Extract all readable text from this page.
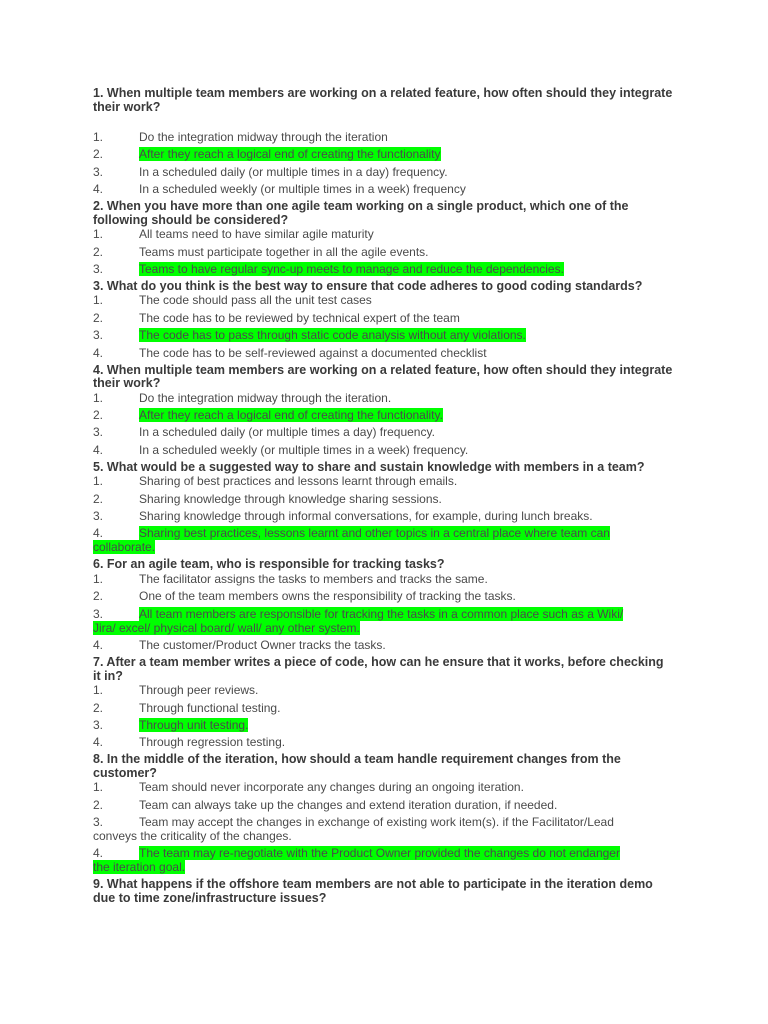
1. When multiple team members are working on a related feature, how often should they integrate their work?

1.	Do the integration midway through the iteration
2.	After they reach a logical end of creating the functionality
3.	In a scheduled daily (or multiple times in a day) frequency.
4.	In a scheduled weekly (or multiple times in a week) frequency

2. When you have more than one agile team working on a single product, which one of the following should be considered?

1.	All teams need to have similar agile maturity
2.	Teams must participate together in all the agile events.
3.	Teams to have regular sync-up meets to manage and reduce the dependencies.

3. What do you think is the best way to ensure that code adheres to good coding standards?

1.	The code should pass all the unit test cases
2.	The code has to be reviewed by technical expert of the team
3.	The code has to pass through static code analysis without any violations.
4.	The code has to be self-reviewed against a documented checklist

4. When multiple team members are working on a related feature, how often should they integrate their work?

1.	Do the integration midway through the iteration.
2.	After they reach a logical end of creating the functionality.
3.	In a scheduled daily (or multiple times a day) frequency.
4.	In a scheduled weekly (or multiple times in a week) frequency.

5. What would be a suggested way to share and sustain knowledge with members in a team?

1.	Sharing of best practices and lessons learnt through emails.
2.	Sharing knowledge through knowledge sharing sessions.
3.	Sharing knowledge through informal conversations, for example, during lunch breaks.
4.	Sharing best practices, lessons learnt and other topics in a central place where team can
collaborate.

6. For an agile team, who is responsible for tracking tasks?

1.	The facilitator assigns the tasks to members and tracks the same.
2.	One of the team members owns the responsibility of tracking the tasks.
3.	All team members are responsible for tracking the tasks in a common place such as a Wiki/
Jira/ excel/ physical board/ wall/ any other system.
4.	The customer/Product Owner tracks the tasks.

7. After a team member writes a piece of code, how can he ensure that it works, before checking it in?

1.	Through peer reviews.
2.	Through functional testing.
3.	Through unit testing.
4.	Through regression testing.

8. In the middle of the iteration, how should a team handle requirement changes from the customer?

1.	Team should never incorporate any changes during an ongoing iteration.
2.	Team can always take up the changes and extend iteration duration, if needed.
3.	Team may accept the changes in exchange of existing work item(s). if the Facilitator/Lead
conveys the criticality of the changes.
4.	The team may re-negotiate with the Product Owner provided the changes do not endanger
the iteration goal.

9. What happens if the offshore team members are not able to participate in the iteration demo due to time zone/infrastructure issues?
